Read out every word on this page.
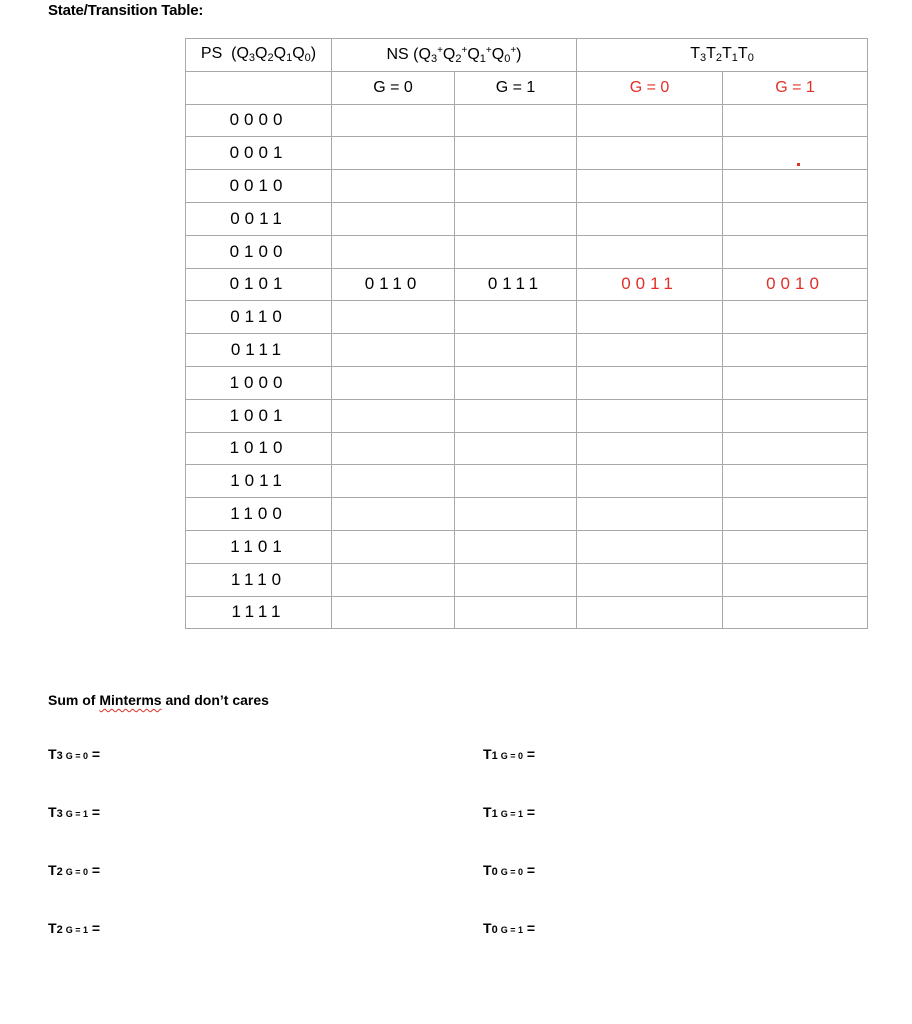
State/Transition Table:
PS  $(Q_3Q_2Q_1Q_0)$	NS $(Q_3^+Q_2^+Q_1^+Q_0^+)$		$T_3T_2T_1T_0$
	G = 0	G = 1	G = 0	G = 1
0000				
0001				
0010				
0011				
0100				
0101	0110	0111	0011	0010
0110				
0111				
1000				
1001				
1010				
1011				
1100				
1101				
1110				
1111				
Sum of Minterms and don’t cares
T3 G = 0 =
T3 G = 1 =
T2 G = 0 =
T2 G = 1 =
T1 G = 0 =
T1 G = 1 =
T0 G = 0 =
T0 G = 1 =
